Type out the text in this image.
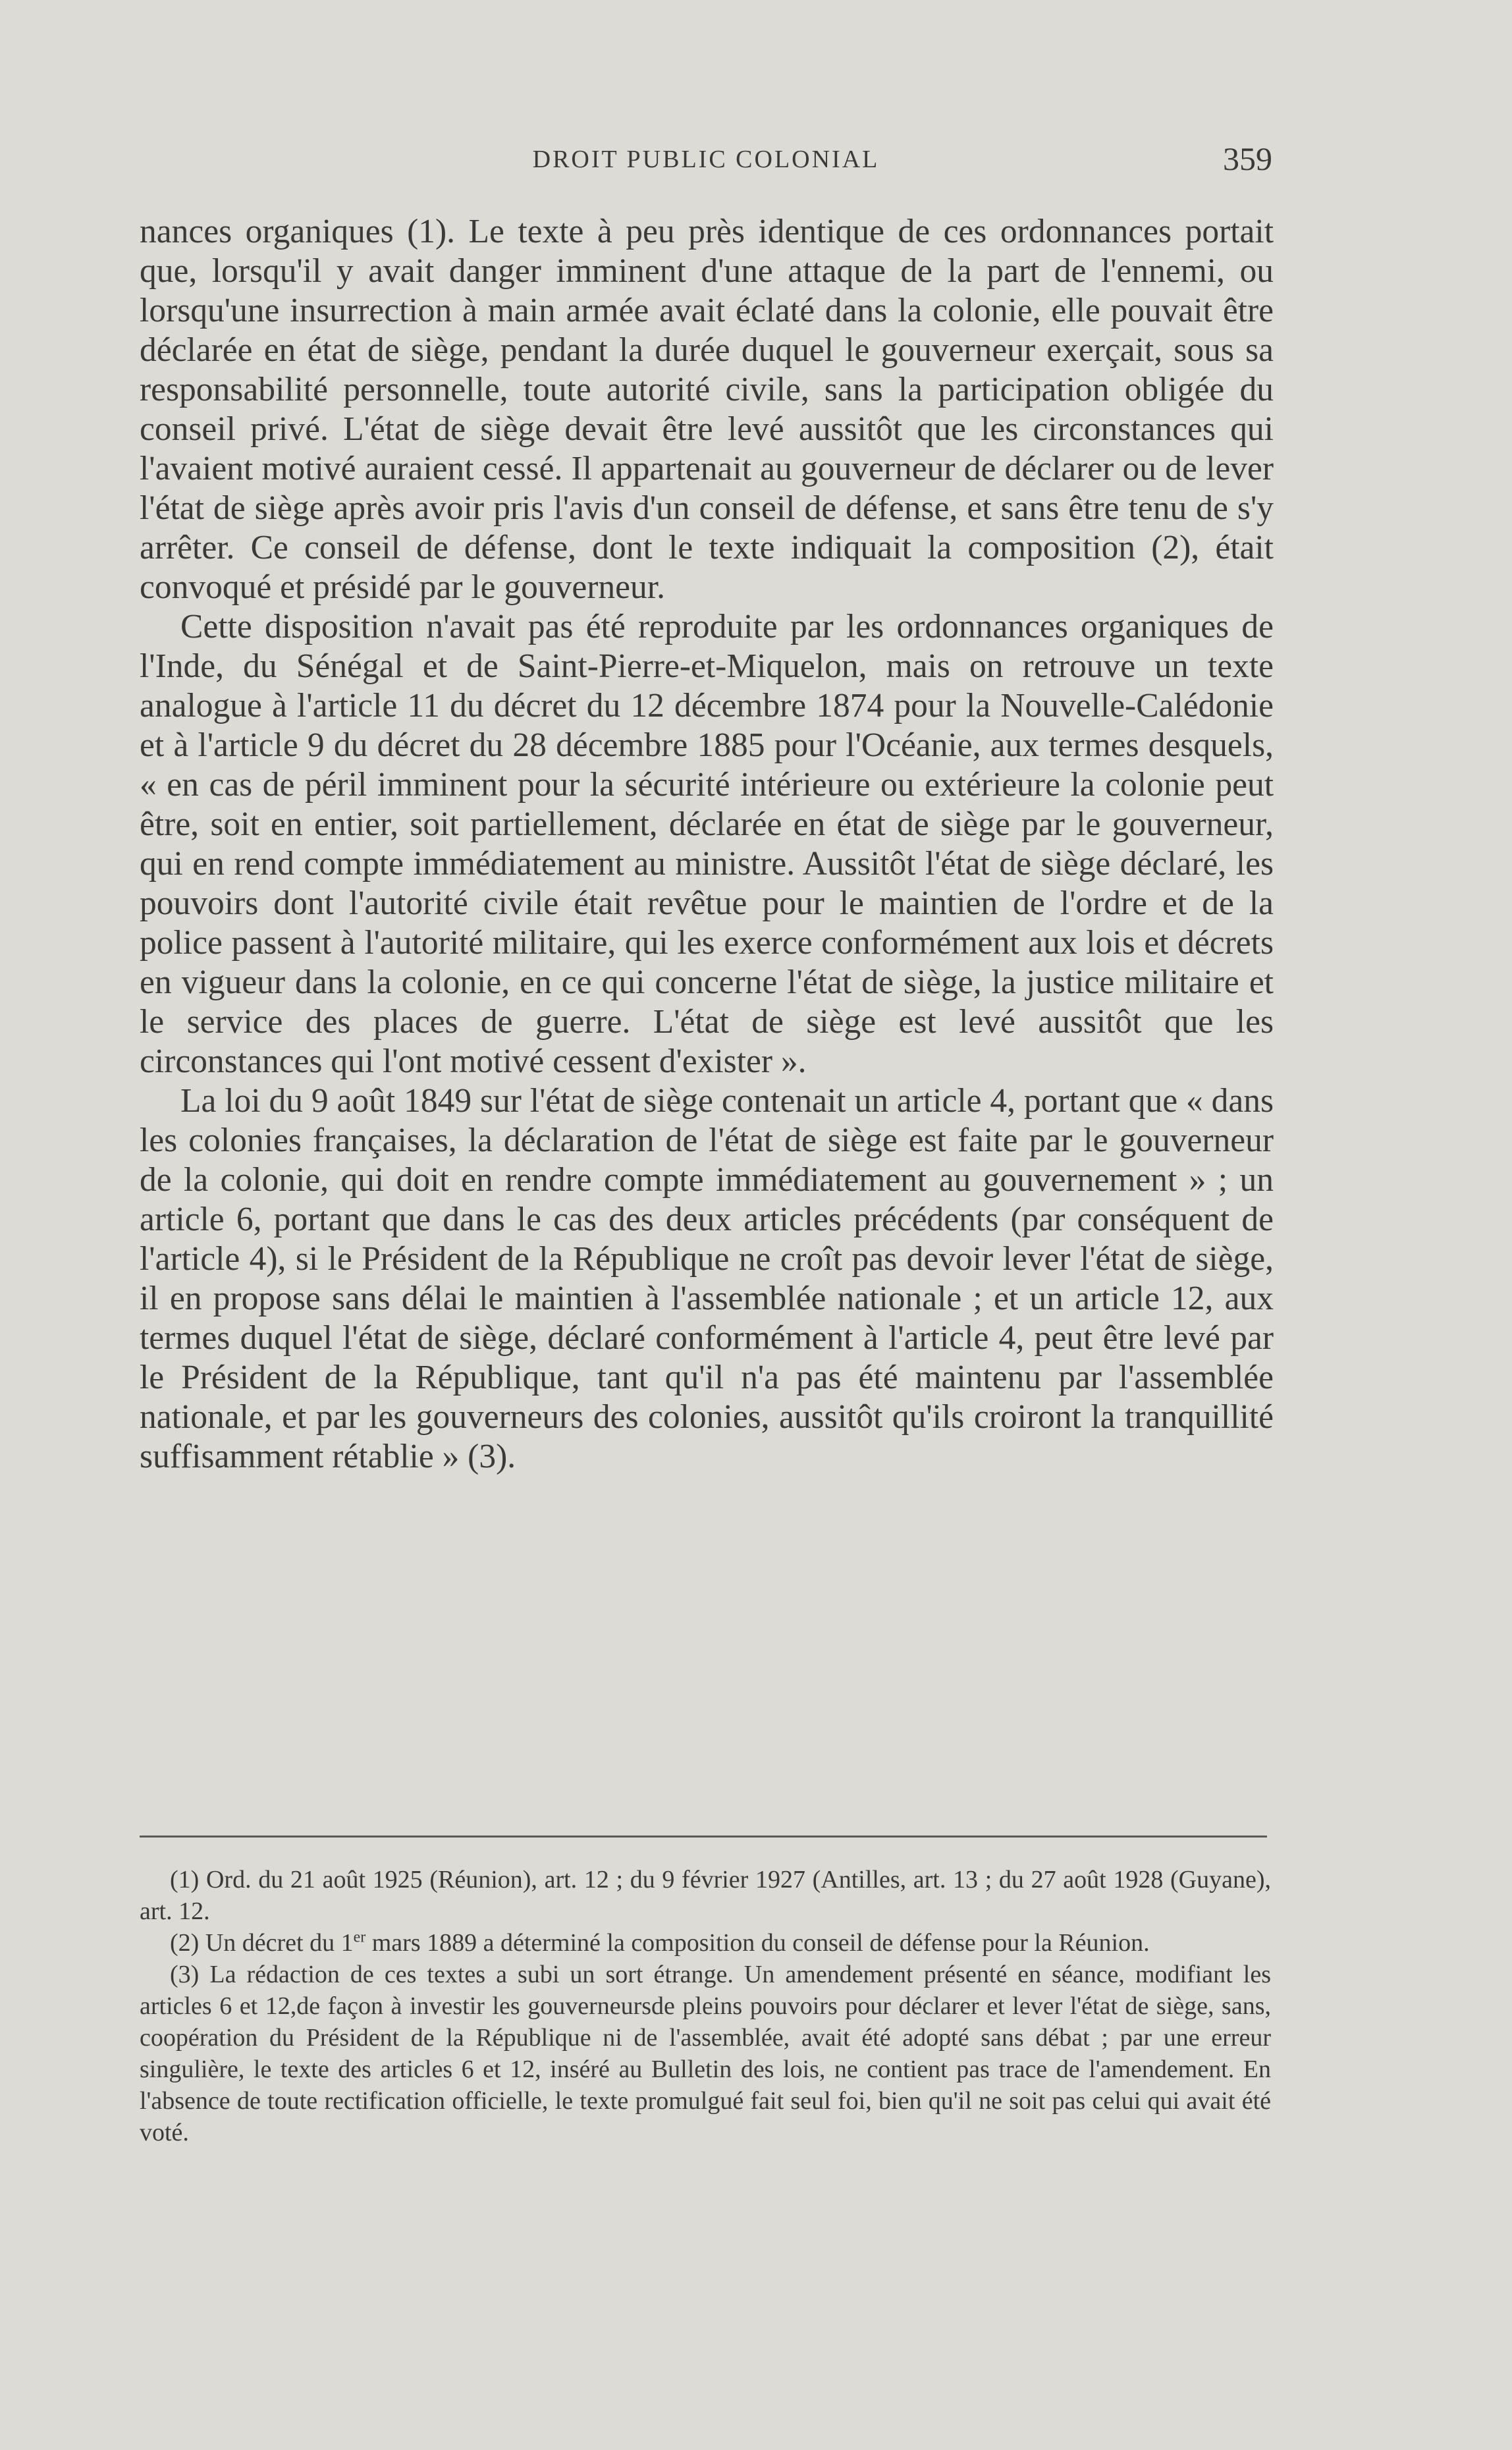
DROIT PUBLIC COLONIAL	359

nances organiques (1). Le texte à peu près identique de ces ordonnances portait que, lorsqu'il y avait danger imminent d'une attaque de la part de l'ennemi, ou lorsqu'une insurrection à main armée avait éclaté dans la colonie, elle pouvait être déclarée en état de siège, pendant la durée duquel le gouverneur exerçait, sous sa responsabilité personnelle, toute autorité civile, sans la participation obligée du conseil privé. L'état de siège devait être levé aussitôt que les circonstances qui l'avaient motivé auraient cessé. Il appartenait au gouverneur de déclarer ou de lever l'état de siège après avoir pris l'avis d'un conseil de défense, et sans être tenu de s'y arrêter. Ce conseil de défense, dont le texte indiquait la composition (2), était convoqué et présidé par le gouverneur.

Cette disposition n'avait pas été reproduite par les ordonnances organiques de l'Inde, du Sénégal et de Saint-Pierre-et-Miquelon, mais on retrouve un texte analogue à l'article 11 du décret du 12 décembre 1874 pour la Nouvelle-Calédonie et à l'article 9 du décret du 28 décembre 1885 pour l'Océanie, aux termes desquels, « en cas de péril imminent pour la sécurité intérieure ou extérieure la colonie peut être, soit en entier, soit partiellement, déclarée en état de siège par le gouverneur, qui en rend compte immédiatement au ministre. Aussitôt l'état de siège déclaré, les pouvoirs dont l'autorité civile était revêtue pour le maintien de l'ordre et de la police passent à l'autorité militaire, qui les exerce conformément aux lois et décrets en vigueur dans la colonie, en ce qui concerne l'état de siège, la justice militaire et le service des places de guerre. L'état de siège est levé aussitôt que les circonstances qui l'ont motivé cessent d'exister ».

La loi du 9 août 1849 sur l'état de siège contenait un article 4, portant que « dans les colonies françaises, la déclaration de l'état de siège est faite par le gouverneur de la colonie, qui doit en rendre compte immédiatement au gouvernement » ; un article 6, portant que dans le cas des deux articles précédents (par conséquent de l'article 4), si le Président de la République ne croît pas devoir lever l'état de siège, il en propose sans délai le maintien à l'assemblée nationale ; et un article 12, aux termes duquel l'état de siège, déclaré conformément à l'article 4, peut être levé par le Président de la République, tant qu'il n'a pas été maintenu par l'assemblée nationale, et par les gouverneurs des colonies, aussitôt qu'ils croiront la tranquillité suffisamment rétablie » (3).

(1) Ord. du 21 août 1925 (Réunion), art. 12 ; du 9 février 1927 (Antilles, art. 13 ; du 27 août 1928 (Guyane), art. 12.

(2) Un décret du 1er mars 1889 a déterminé la composition du conseil de défense pour la Réunion.

(3) La rédaction de ces textes a subi un sort étrange. Un amendement présenté en séance, modifiant les articles 6 et 12,de façon à investir les gouverneursde pleins pouvoirs pour déclarer et lever l'état de siège, sans, coopération du Président de la République ni de l'assemblée, avait été adopté sans débat ; par une erreur singulière, le texte des articles 6 et 12, inséré au Bulletin des lois, ne contient pas trace de l'amendement. En l'absence de toute rectification officielle, le texte promulgué fait seul foi, bien qu'il ne soit pas celui qui avait été voté.
